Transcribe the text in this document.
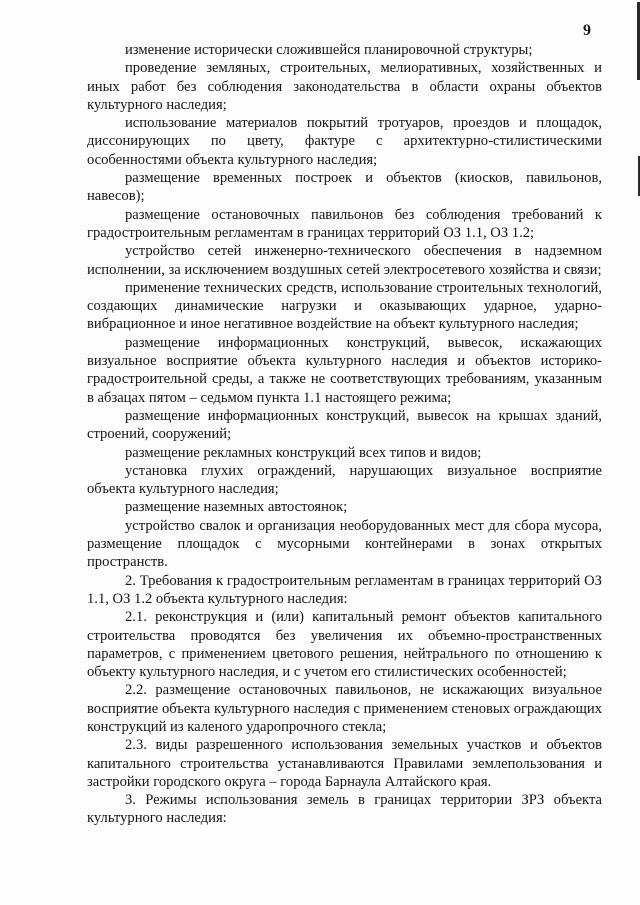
9

изменение исторически сложившейся планировочной структуры;

проведение земляных, строительных, мелиоративных, хозяйственных и иных работ без соблюдения законодательства в области охраны объектов культурного наследия;

использование материалов покрытий тротуаров, проездов и площадок, диссонирующих по цвету, фактуре с архитектурно-стилистическими особенностями объекта культурного наследия;

размещение временных построек и объектов (киосков, павильонов, навесов);

размещение остановочных павильонов без соблюдения требований к градостроительным регламентам в границах территорий ОЗ 1.1, ОЗ 1.2;

устройство сетей инженерно-технического обеспечения в надземном исполнении, за исключением воздушных сетей электросетевого хозяйства и связи;

применение технических средств, использование строительных технологий, создающих динамические нагрузки и оказывающих ударное, ударно-вибрационное и иное негативное воздействие на объект культурного наследия;

размещение информационных конструкций, вывесок, искажающих визуальное восприятие объекта культурного наследия и объектов историко-градостроительной среды, а также не соответствующих требованиям, указанным в абзацах пятом – седьмом пункта 1.1 настоящего режима;

размещение информационных конструкций, вывесок на крышах зданий, строений, сооружений;

размещение рекламных конструкций всех типов и видов;

установка глухих ограждений, нарушающих визуальное восприятие объекта культурного наследия;

размещение наземных автостоянок;

устройство свалок и организация необорудованных мест для сбора мусора, размещение площадок с мусорными контейнерами в зонах открытых пространств.

2. Требования к градостроительным регламентам в границах территорий ОЗ 1.1, ОЗ 1.2 объекта культурного наследия:

2.1. реконструкция и (или) капитальный ремонт объектов капитального строительства проводятся без увеличения их объемно-пространственных параметров, с применением цветового решения, нейтрального по отношению к объекту культурного наследия, и с учетом его стилистических особенностей;

2.2. размещение остановочных павильонов, не искажающих визуальное восприятие объекта культурного наследия с применением стеновых ограждающих конструкций из каленого ударопрочного стекла;

2.3. виды разрешенного использования земельных участков и объектов капитального строительства устанавливаются Правилами землепользования и застройки городского округа – города Барнаула Алтайского края.

3. Режимы использования земель в границах территории ЗРЗ объекта культурного наследия:
